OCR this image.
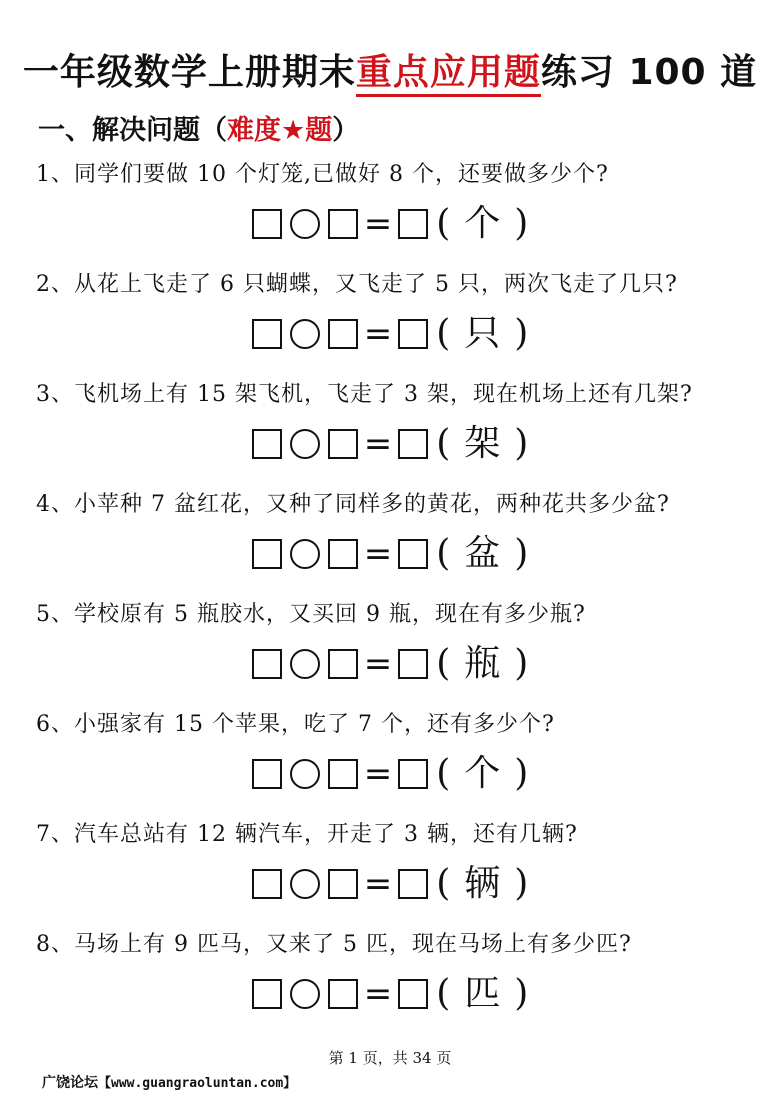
一年级数学上册期末重点应用题练习 100 道
一、解决问题（难度★题）
1、同学们要做 10 个灯笼,已做好 8 个，还要做多少个?
= ( 个 )
2、从花上飞走了 6 只蝴蝶，又飞走了 5 只，两次飞走了几只?
= ( 只 )
3、飞机场上有 15 架飞机，飞走了 3 架，现在机场上还有几架?
= ( 架 )
4、小苹种 7 盆红花，又种了同样多的黄花，两种花共多少盆?
= ( 盆 )
5、学校原有 5 瓶胶水，又买回 9 瓶，现在有多少瓶?
= ( 瓶 )
6、小强家有 15 个苹果，吃了 7 个，还有多少个?
= ( 个 )
7、汽车总站有 12 辆汽车，开走了 3 辆，还有几辆?
= ( 辆 )
8、马场上有 9 匹马，又来了 5 匹，现在马场上有多少匹?
= ( 匹 )
第 1 页，共 34 页
广饶论坛【www.guangraoluntan.com】
